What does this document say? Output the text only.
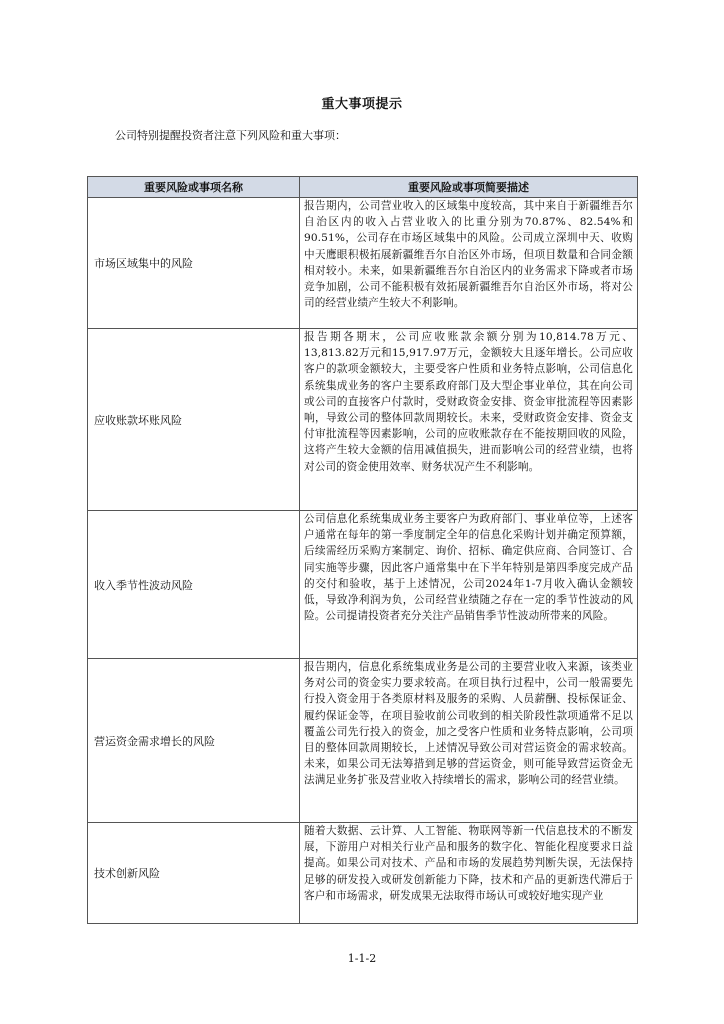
重大事项提示
公司特别提醒投资者注意下列风险和重大事项：
重要风险或事项名称	重要风险或事项简要描述
市场区域集中的风险	报告期内，公司营业收入的区域集中度较高，其中来自于新疆维吾尔自治区内的收入占营业收入的比重分别为70.87%、82.54%和90.51%，公司存在市场区域集中的风险。公司成立深圳中天、收购中天鹰眼积极拓展新疆维吾尔自治区外市场，但项目数量和合同金额相对较小。未来，如果新疆维吾尔自治区内的业务需求下降或者市场竞争加剧，公司不能积极有效拓展新疆维吾尔自治区外市场，将对公司的经营业绩产生较大不利影响。
应收账款坏账风险	报告期各期末，公司应收账款余额分别为10,814.78万元、13,813.82万元和15,917.97万元，金额较大且逐年增长。公司应收客户的款项金额较大，主要受客户性质和业务特点影响，公司信息化系统集成业务的客户主要系政府部门及大型企事业单位，其在向公司或公司的直接客户付款时，受财政资金安排、资金审批流程等因素影响，导致公司的整体回款周期较长。未来，受财政资金安排、资金支付审批流程等因素影响，公司的应收账款存在不能按期回收的风险，这将产生较大金额的信用减值损失，进而影响公司的经营业绩，也将对公司的资金使用效率、财务状况产生不利影响。
收入季节性波动风险	公司信息化系统集成业务主要客户为政府部门、事业单位等，上述客户通常在每年的第一季度制定全年的信息化采购计划并确定预算额，后续需经历采购方案制定、询价、招标、确定供应商、合同签订、合同实施等步骤，因此客户通常集中在下半年特别是第四季度完成产品的交付和验收，基于上述情况，公司2024年1-7月收入确认金额较低，导致净利润为负，公司经营业绩随之存在一定的季节性波动的风险。公司提请投资者充分关注产品销售季节性波动所带来的风险。
营运资金需求增长的风险	报告期内，信息化系统集成业务是公司的主要营业收入来源，该类业务对公司的资金实力要求较高。在项目执行过程中，公司一般需要先行投入资金用于各类原材料及服务的采购、人员薪酬、投标保证金、履约保证金等，在项目验收前公司收到的相关阶段性款项通常不足以覆盖公司先行投入的资金，加之受客户性质和业务特点影响，公司项目的整体回款周期较长，上述情况导致公司对营运资金的需求较高。未来，如果公司无法筹措到足够的营运资金，则可能导致营运资金无法满足业务扩张及营业收入持续增长的需求，影响公司的经营业绩。
技术创新风险	随着大数据、云计算、人工智能、物联网等新一代信息技术的不断发展，下游用户对相关行业产品和服务的数字化、智能化程度要求日益提高。如果公司对技术、产品和市场的发展趋势判断失误，无法保持足够的研发投入或研发创新能力下降，技术和产品的更新迭代滞后于客户和市场需求，研发成果无法取得市场认可或较好地实现产业
1-1-2
